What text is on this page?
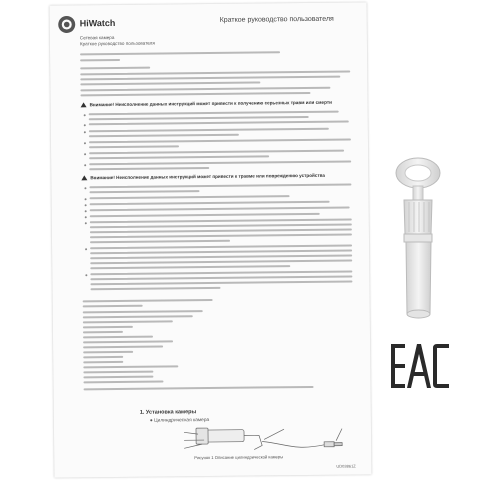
HiWatch	Краткое руководство пользователя
Сетевая камера
Краткое руководство пользователя
Внимание! Неисполнение данных инструкций может привести к получению серьезных травм или смерти
Внимание! Неисполнение данных инструкций может привести к травме или повреждению устройства
1. Установка камеры
● Цилиндрическая камера
Рисунок 1 Описание цилиндрической камеры
UD03861Z
